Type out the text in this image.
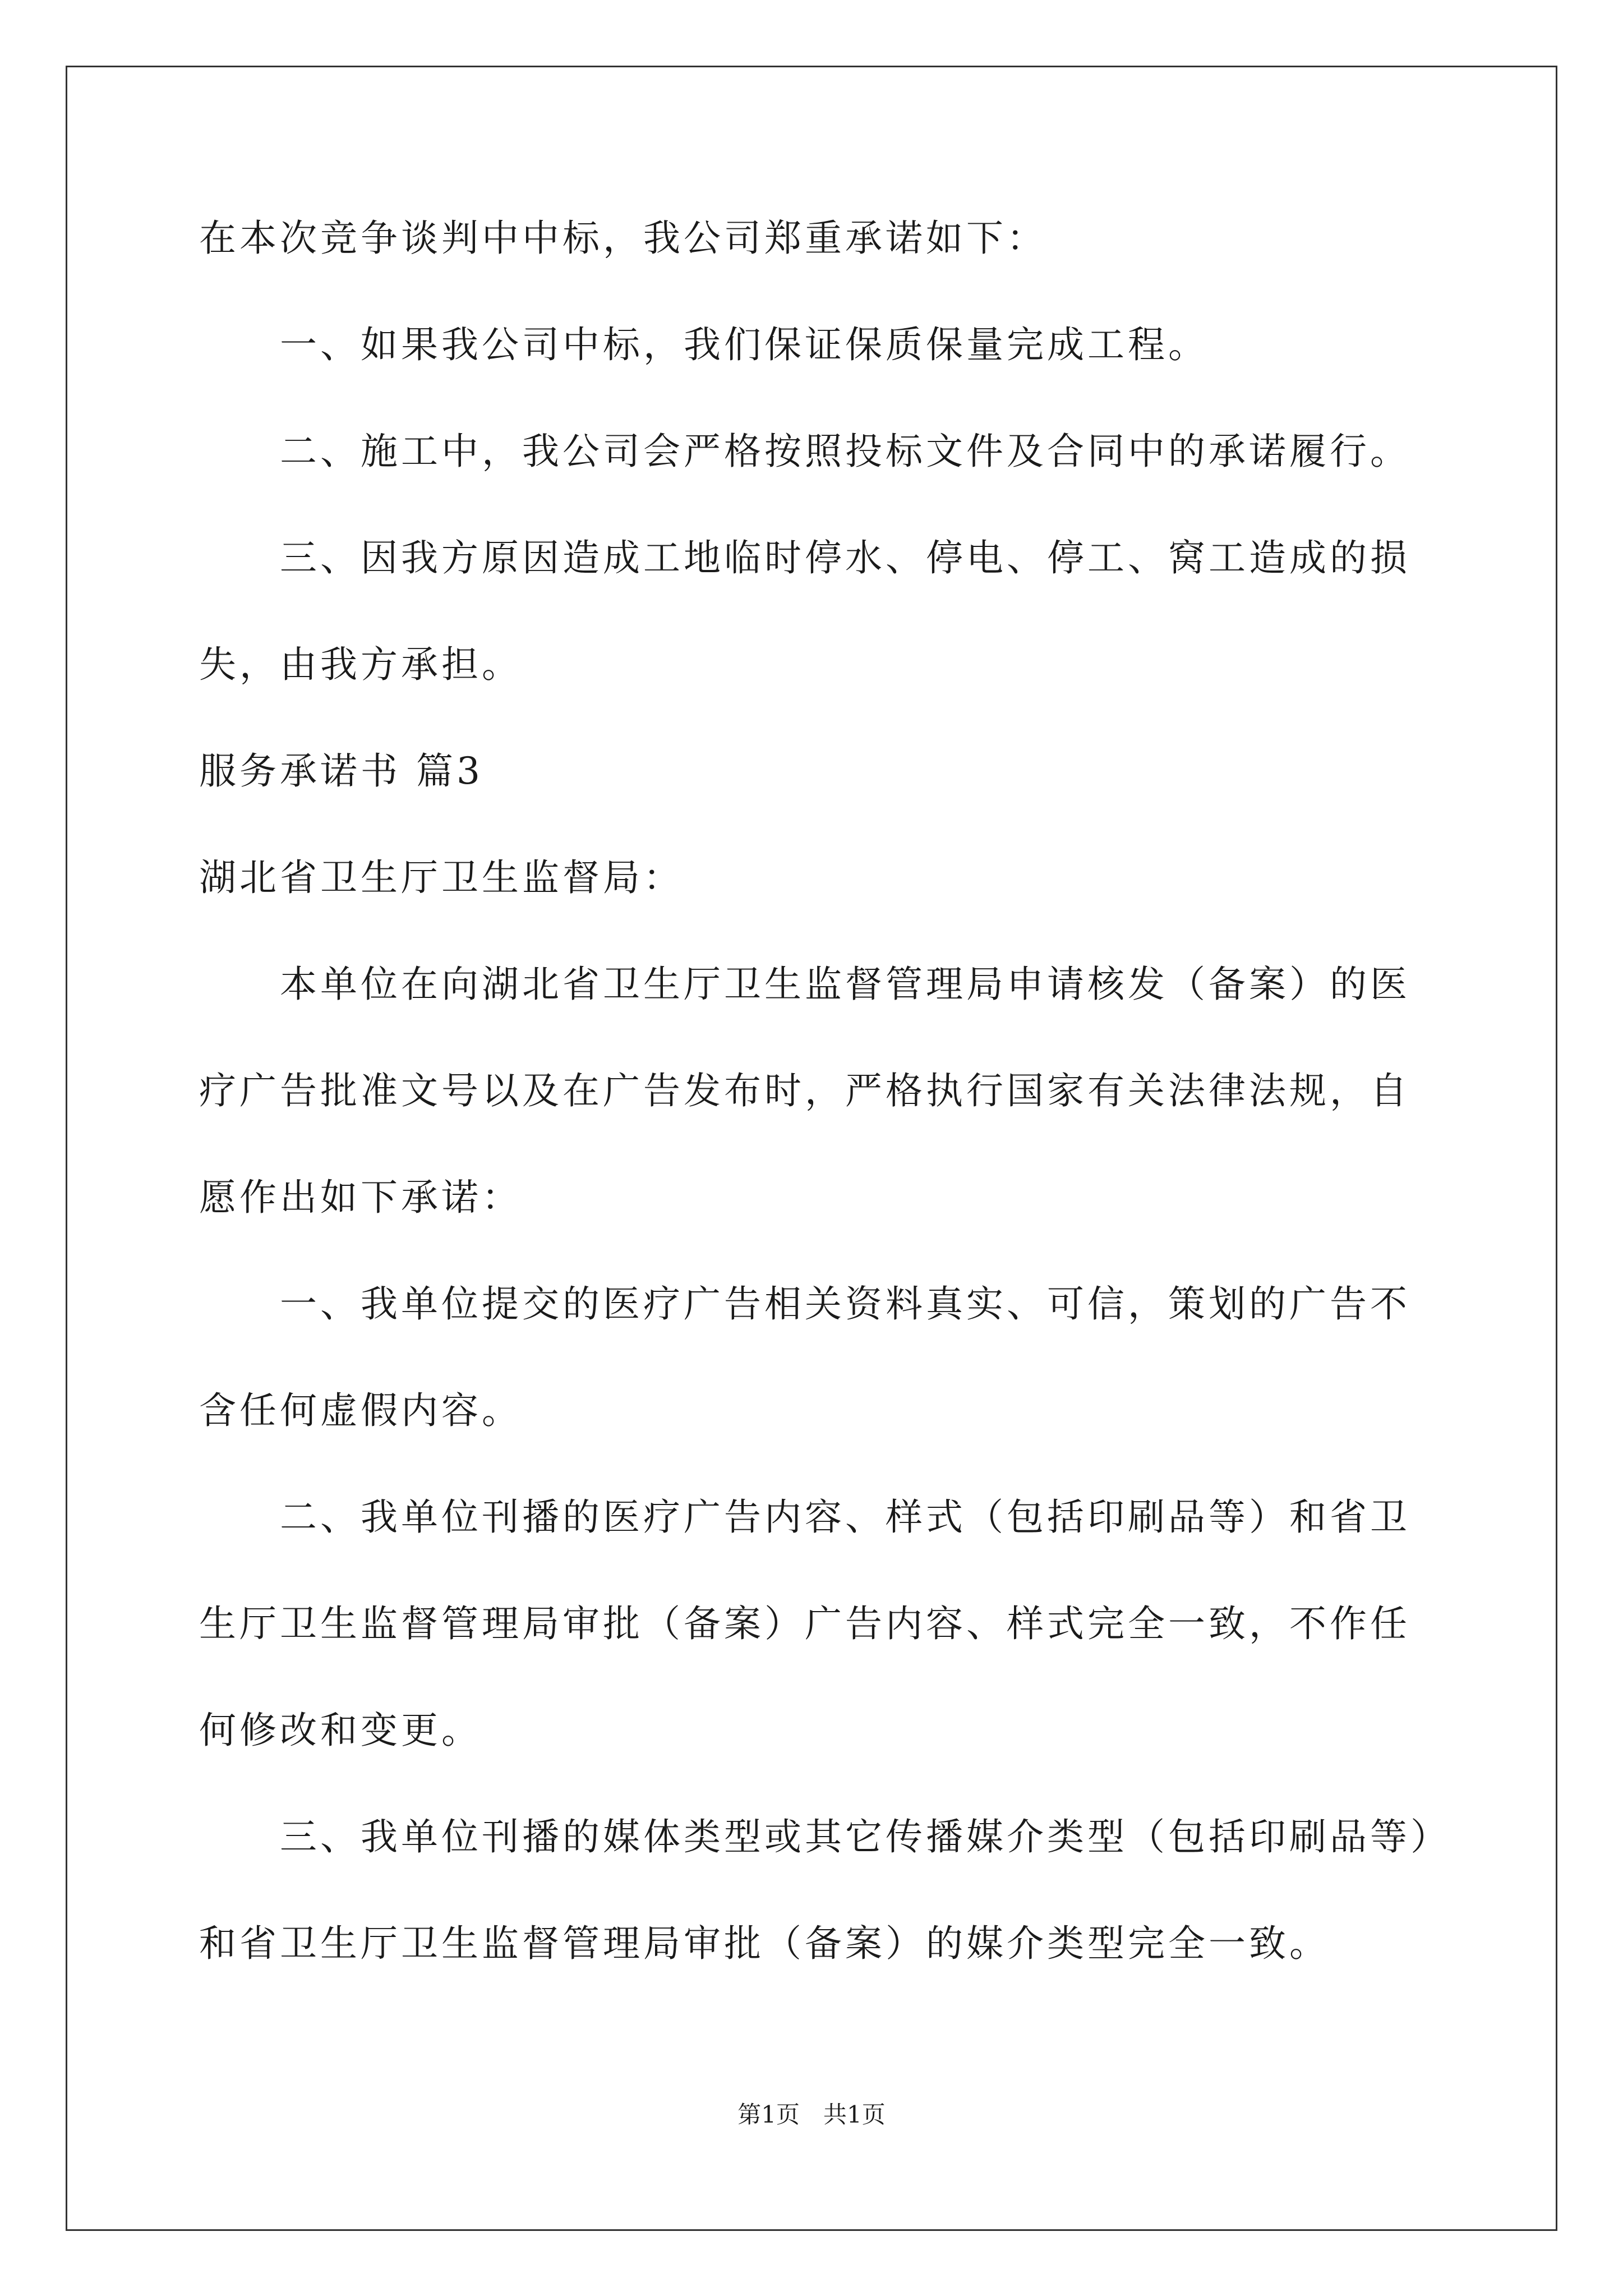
在本次竞争谈判中中标，我公司郑重承诺如下：
　　一、如果我公司中标，我们保证保质保量完成工程。
　　二、施工中，我公司会严格按照投标文件及合同中的承诺履行。
　　三、因我方原因造成工地临时停水、停电、停工、窝工造成的损
失，由我方承担。
服务承诺书 篇3
湖北省卫生厅卫生监督局：
　　本单位在向湖北省卫生厅卫生监督管理局申请核发（备案）的医
疗广告批准文号以及在广告发布时，严格执行国家有关法律法规，自
愿作出如下承诺：
　　一、我单位提交的医疗广告相关资料真实、可信，策划的广告不
含任何虚假内容。
　　二、我单位刊播的医疗广告内容、样式（包括印刷品等）和省卫
生厅卫生监督管理局审批（备案）广告内容、样式完全一致，不作任
何修改和变更。
　　三、我单位刊播的媒体类型或其它传播媒介类型（包括印刷品等）
和省卫生厅卫生监督管理局审批（备案）的媒介类型完全一致。
第1页　共1页
